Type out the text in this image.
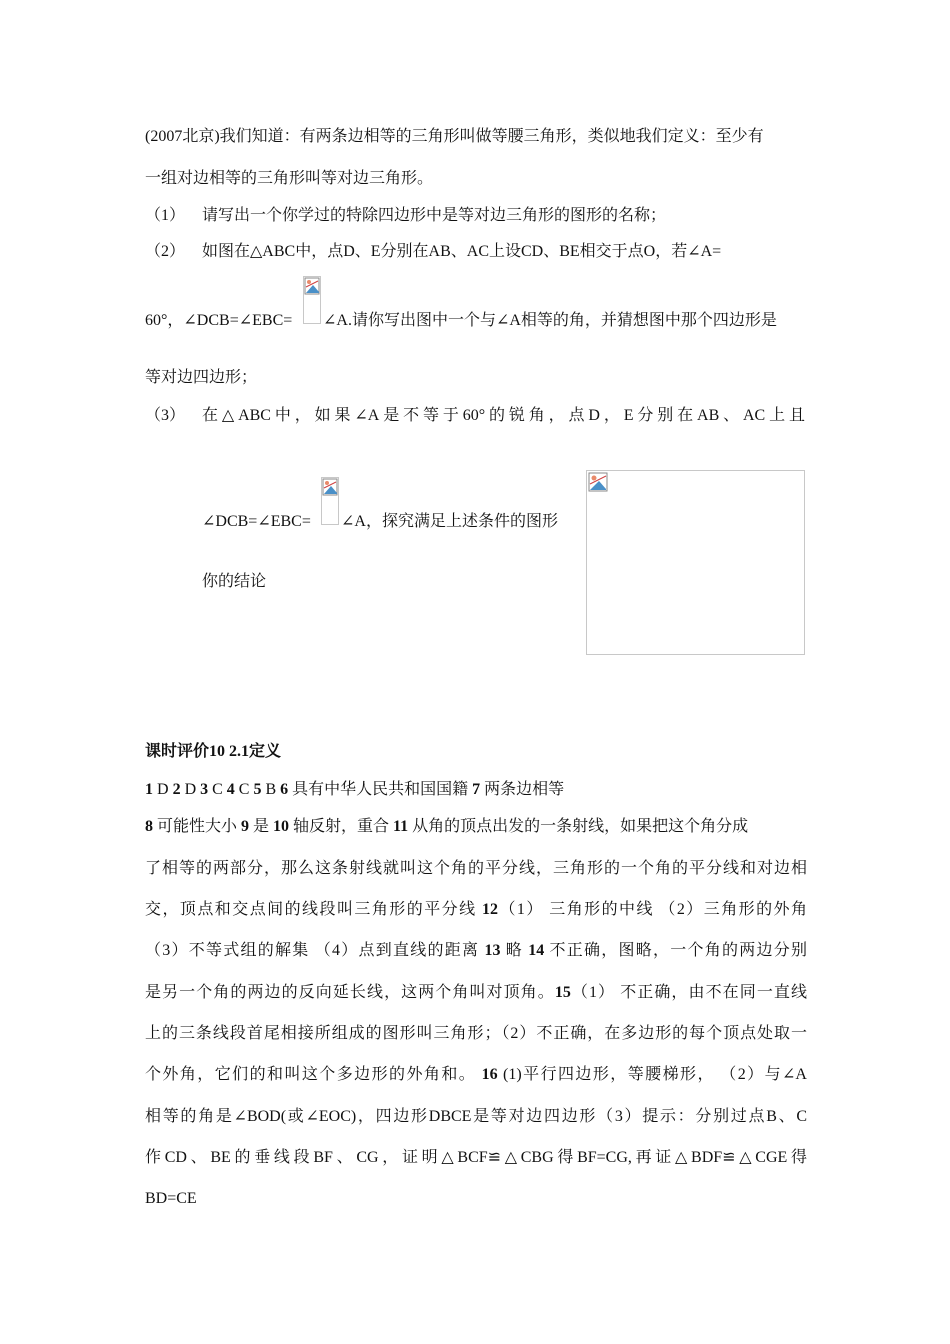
(2007北京)我们知道：有两条边相等的三角形叫做等腰三角形，类似地我们定义：至少有
一组对边相等的三角形叫等对边三角形。
（1） 请写出一个你学过的特除四边形中是等对边三角形的图形的名称；
（2） 如图在△ABC中，点D、E分别在AB、AC上设CD、BE相交于点O，若∠A=
60°，∠DCB=∠EBC= ∠A.请你写出图中一个与∠A相等的角，并猜想图中那个四边形是
等对边四边形；
（3） 在△ABC中，如果∠A是不等于60°的锐角，点D，E分别在AB、AC上且
∠DCB=∠EBC= ∠A，探究满足上述条件的图形
你的结论
课时评价10 2.1定义
1 D 2 D 3 C 4 C 5 B 6 具有中华人民共和国国籍 7 两条边相等
8 可能性大小 9 是 10 轴反射，重合 11 从角的顶点出发的一条射线，如果把这个角分成
了相等的两部分，那么这条射线就叫这个角的平分线，三角形的一个角的平分线和对边相
交，顶点和交点间的线段叫三角形的平分线 12（1） 三角形的中线 （2）三角形的外角
（3）不等式组的解集 （4）点到直线的距离 13 略 14 不正确，图略，一个角的两边分别
是另一个角的两边的反向延长线，这两个角叫对顶角。15（1） 不正确，由不在同一直线
上的三条线段首尾相接所组成的图形叫三角形；（2）不正确，在多边形的每个顶点处取一
个外角，它们的和叫这个多边形的外角和。 16 (1)平行四边形，等腰梯形， （2）与∠A
相等的角是∠BOD(或∠EOC)，四边形DBCE是等对边四边形（3）提示：分别过点B、C
作CD、BE的垂线段BF、CG，证明△BCF≌△CBG得BF=CG,再证△BDF≌△CGE得
BD=CE
